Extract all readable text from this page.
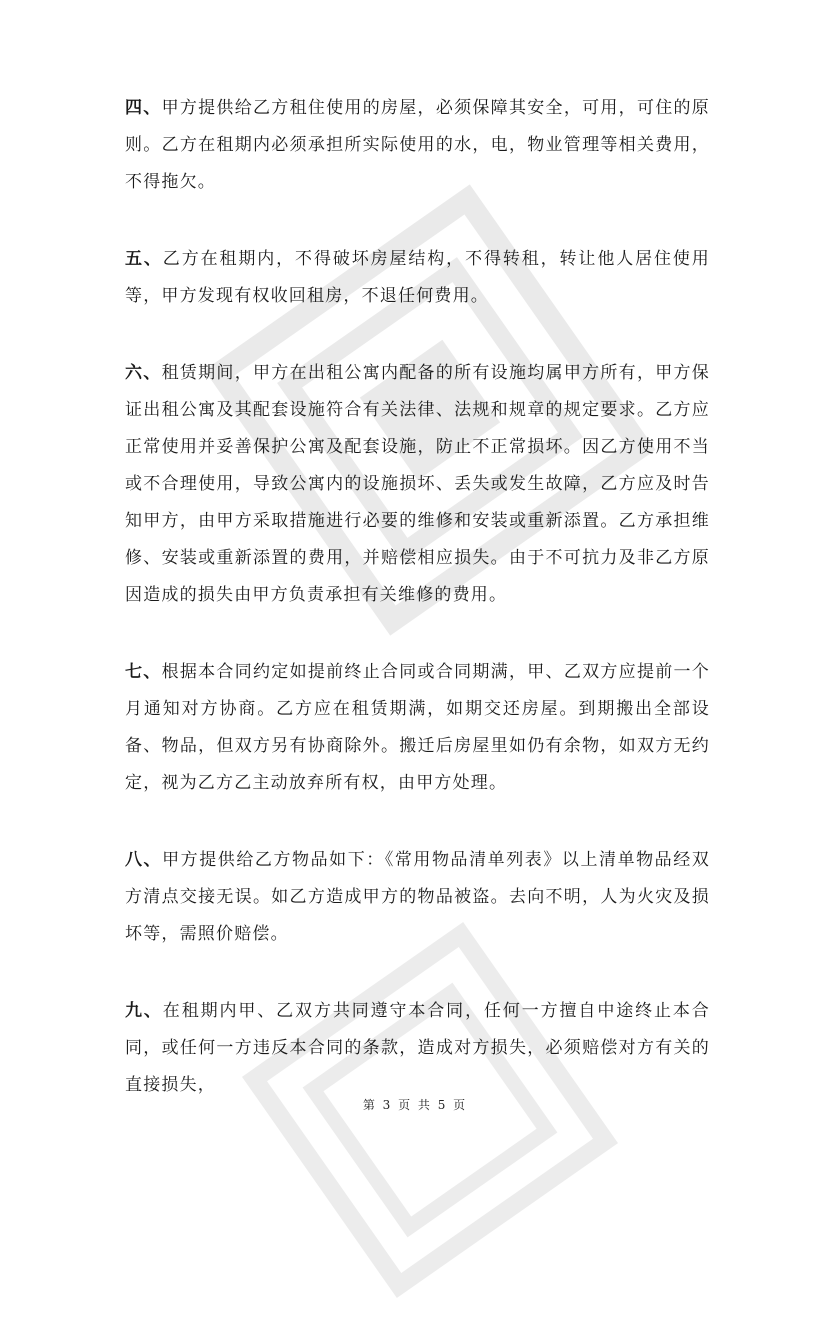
四、甲方提供给乙方租住使用的房屋，必须保障其安全，可用，可住的原则。乙方在租期内必须承担所实际使用的水，电，物业管理等相关费用，不得拖欠。

五、乙方在租期内，不得破坏房屋结构，不得转租，转让他人居住使用等，甲方发现有权收回租房，不退任何费用。

六、租赁期间，甲方在出租公寓内配备的所有设施均属甲方所有，甲方保证出租公寓及其配套设施符合有关法律、法规和规章的规定要求。乙方应正常使用并妥善保护公寓及配套设施，防止不正常损坏。因乙方使用不当或不合理使用，导致公寓内的设施损坏、丢失或发生故障，乙方应及时告知甲方，由甲方采取措施进行必要的维修和安装或重新添置。乙方承担维修、安装或重新添置的费用，并赔偿相应损失。由于不可抗力及非乙方原因造成的损失由甲方负责承担有关维修的费用。

七、根据本合同约定如提前终止合同或合同期满，甲、乙双方应提前一个月通知对方协商。乙方应在租赁期满，如期交还房屋。到期搬出全部设备、物品，但双方另有协商除外。搬迁后房屋里如仍有余物，如双方无约定，视为乙方乙主动放弃所有权，由甲方处理。

八、甲方提供给乙方物品如下：《常用物品清单列表》以上清单物品经双方清点交接无误。如乙方造成甲方的物品被盗。去向不明，人为火灾及损坏等，需照价赔偿。

九、在租期内甲、乙双方共同遵守本合同，任何一方擅自中途终止本合同，或任何一方违反本合同的条款，造成对方损失，必须赔偿对方有关的直接损失，

第 3 页 共 5 页
